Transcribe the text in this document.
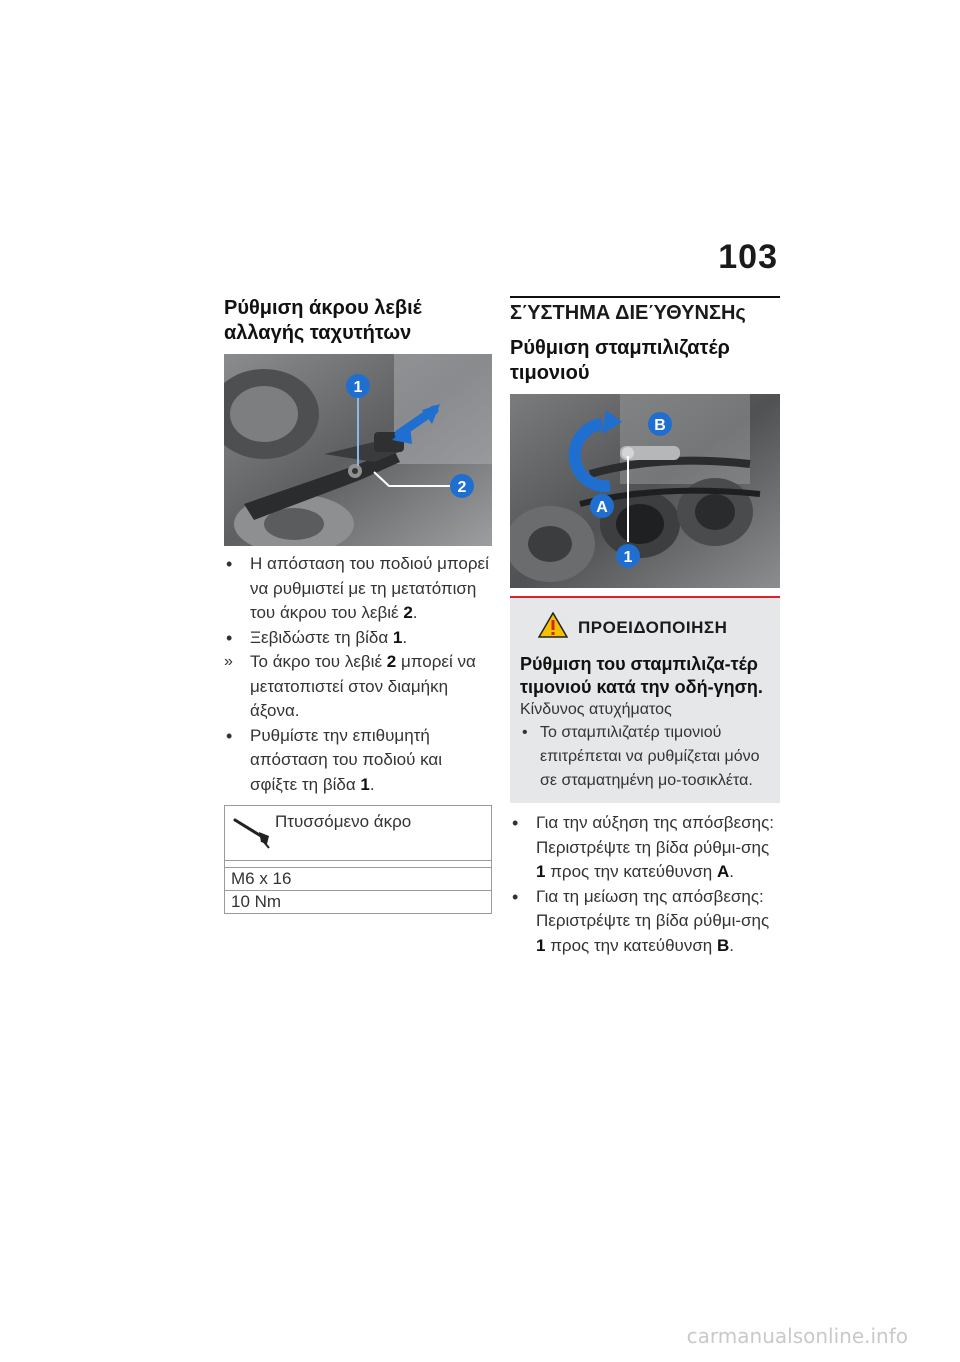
103
Ρύθμιση άκρου λεβιέ αλλαγής ταχυτήτων
1
2
•	Η απόσταση του ποδιού μπορεί να ρυθμιστεί με τη μετατόπιση του άκρου του λεβιέ 2.
•	Ξεβιδώστε τη βίδα 1.
»	Το άκρο του λεβιέ 2 μπορεί να μετατοπιστεί στον διαμήκη άξονα.
•	Ρυθμίστε την επιθυμητή απόσταση του ποδιού και σφίξτε τη βίδα 1.
Πτυσσόμενο άκρο
M6 x 16
10 Nm
ΣΎΣΤΗΜΑ ΔΙΕΎΘΥΝΣΗς
Ρύθμιση σταμπιλιζατέρ τιμονιού
1
B
A
ΠΡΟΕΙΔΟΠΟΙΗΣΗ
Ρύθμιση του σταμπιλιζα-τέρ τιμονιού κατά την οδή-γηση.
Κίνδυνος ατυχήματος
• Το σταμπιλιζατέρ τιμονιού επιτρέπεται να ρυθμίζεται μόνο σε σταματημένη μο-τοσικλέτα.
•	Για την αύξηση της απόσβεσης: Περιστρέψτε τη βίδα ρύθμι-σης 1 προς την κατεύθυνση A.
•	Για τη μείωση της απόσβεσης: Περιστρέψτε τη βίδα ρύθμι-σης 1 προς την κατεύθυνση B.
carmanualsonline.info
